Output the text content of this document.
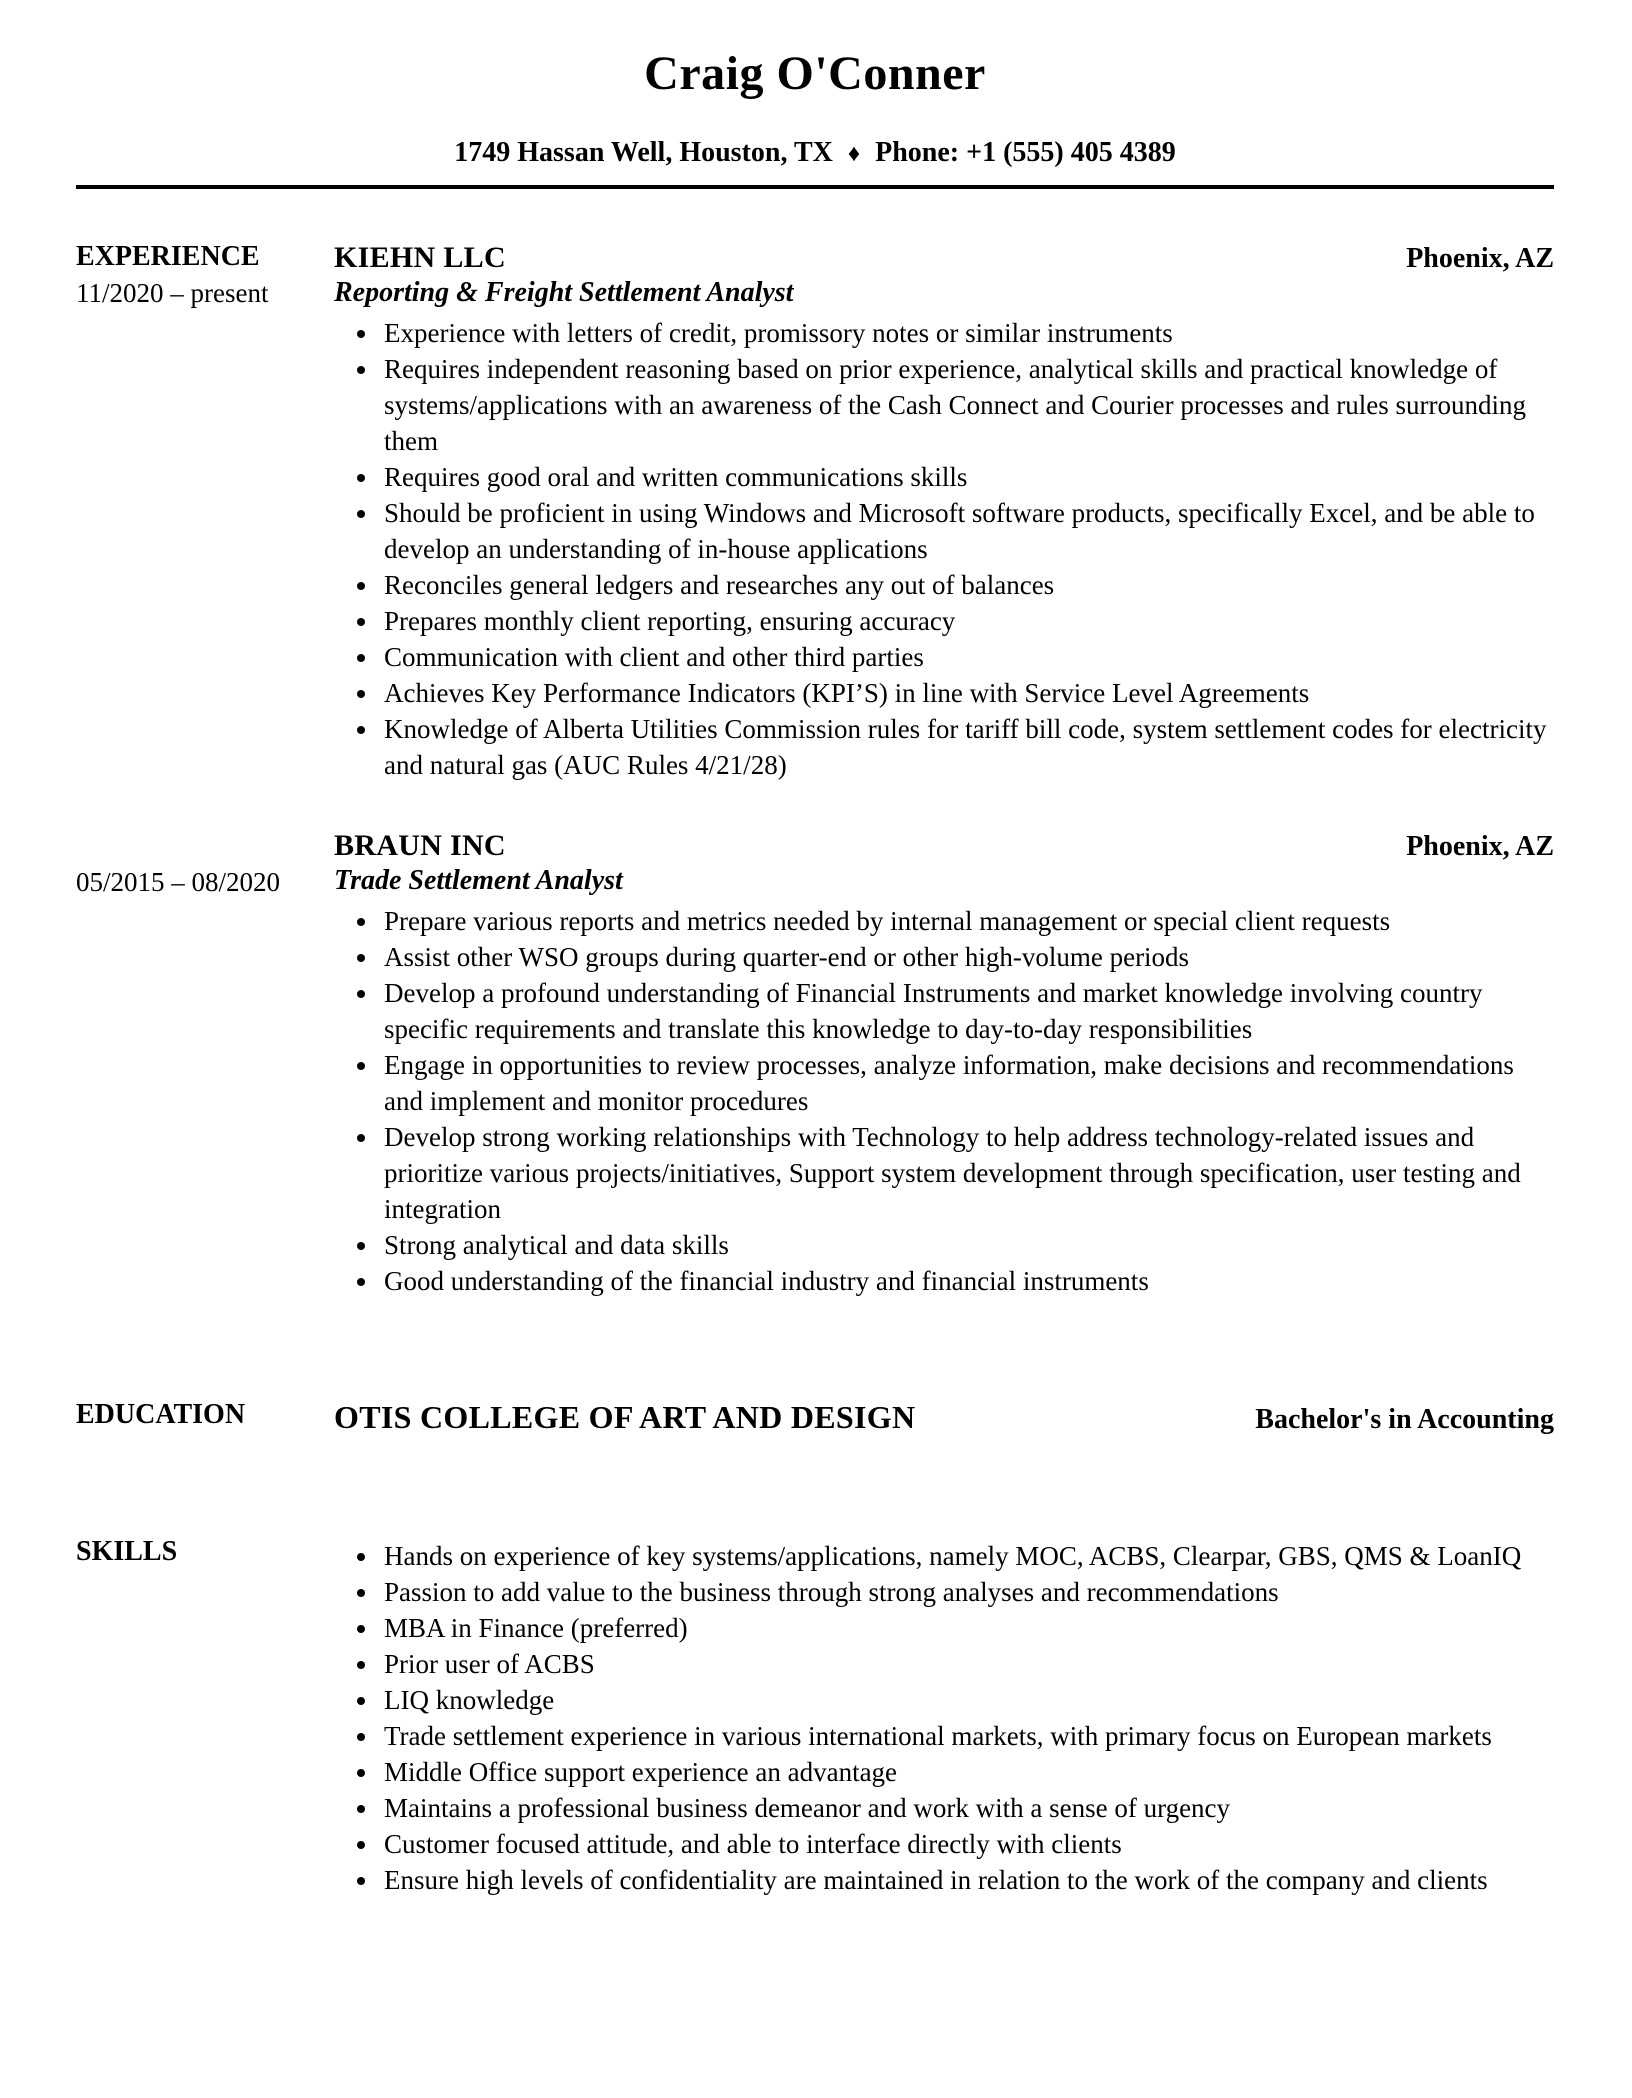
Craig O'Conner
1749 Hassan Well, Houston, TX ♦ Phone: +1 (555) 405 4389
EXPERIENCE
11/2020 – present
KIEHN LLC	Phoenix, AZ
Reporting & Freight Settlement Analyst
• Experience with letters of credit, promissory notes or similar instruments
• Requires independent reasoning based on prior experience, analytical skills and practical knowledge of systems/applications with an awareness of the Cash Connect and Courier processes and rules surrounding them
• Requires good oral and written communications skills
• Should be proficient in using Windows and Microsoft software products, specifically Excel, and be able to develop an understanding of in-house applications
• Reconciles general ledgers and researches any out of balances
• Prepares monthly client reporting, ensuring accuracy
• Communication with client and other third parties
• Achieves Key Performance Indicators (KPI’S) in line with Service Level Agreements
• Knowledge of Alberta Utilities Commission rules for tariff bill code, system settlement codes for electricity and natural gas (AUC Rules 4/21/28)
05/2015 – 08/2020
BRAUN INC	Phoenix, AZ
Trade Settlement Analyst
• Prepare various reports and metrics needed by internal management or special client requests
• Assist other WSO groups during quarter-end or other high-volume periods
• Develop a profound understanding of Financial Instruments and market knowledge involving country specific requirements and translate this knowledge to day-to-day responsibilities
• Engage in opportunities to review processes, analyze information, make decisions and recommendations and implement and monitor procedures
• Develop strong working relationships with Technology to help address technology-related issues and prioritize various projects/initiatives, Support system development through specification, user testing and integration
• Strong analytical and data skills
• Good understanding of the financial industry and financial instruments
EDUCATION	OTIS COLLEGE OF ART AND DESIGN	Bachelor's in Accounting
SKILLS	• Hands on experience of key systems/applications, namely MOC, ACBS, Clearpar, GBS, QMS & LoanIQ
• Passion to add value to the business through strong analyses and recommendations
• MBA in Finance (preferred)
• Prior user of ACBS
• LIQ knowledge
• Trade settlement experience in various international markets, with primary focus on European markets
• Middle Office support experience an advantage
• Maintains a professional business demeanor and work with a sense of urgency
• Customer focused attitude, and able to interface directly with clients
• Ensure high levels of confidentiality are maintained in relation to the work of the company and clients
